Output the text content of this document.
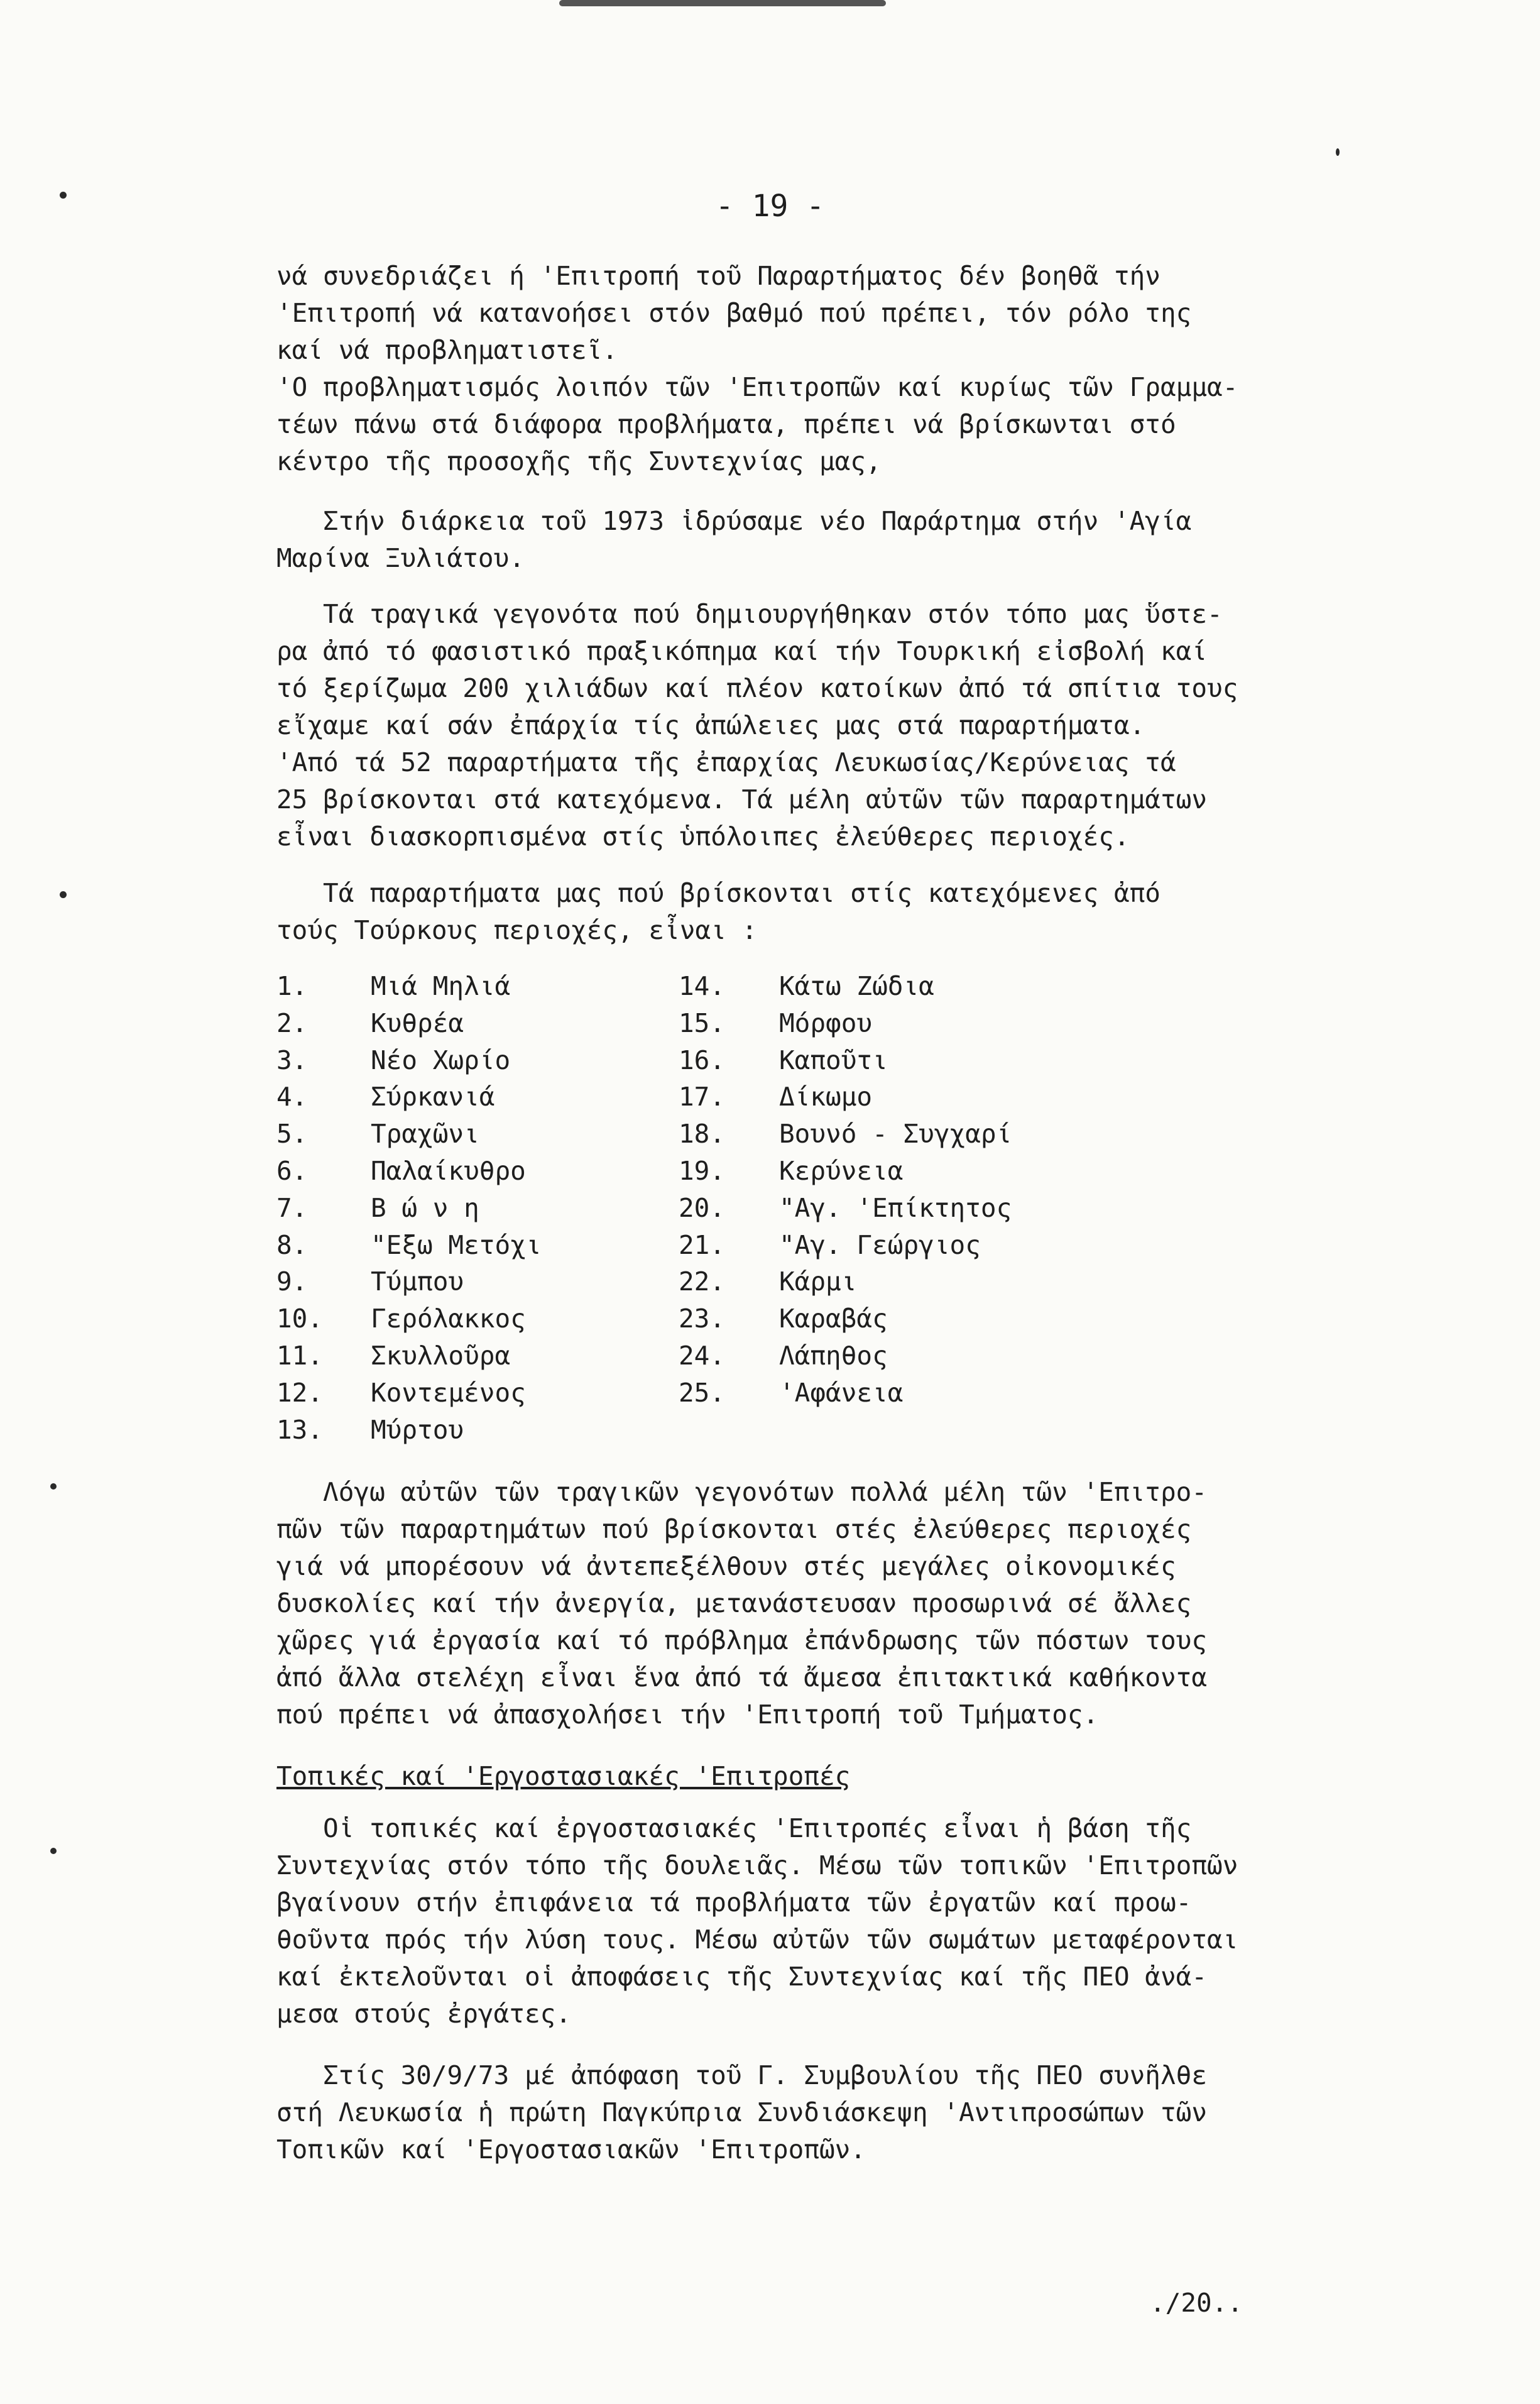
- 19 -
νά συνεδριάζει ή 'Επιτροπή τοῦ Παραρτήματος δέν βοηθᾶ τήν
'Επιτροπή νά καταvοήσει στόν βαθμό πού πρέπει, τόν ρόλο της
καί νά προβληματιστεῖ.
'Ο προβληματισμός λοιπόν τῶν 'Επιτροπῶν καί κυρίως τῶν Γραμμα-
τέων πάνω στά διάφορα προβλήματα, πρέπει νά βρίσκωνται στό
κέντρο τῆς προσοχῆς τῆς Συντεχνίας μας,
Στήν διάρκεια τοῦ 1973 ἱδρύσαμε νέο Παράρτημα στήν 'Αγία
Μαρίνα Ξυλιάτου.
Τά τραγικά γεγονότα πού δημιουργήθηκαν στόν τόπο μας ὕστε-
ρα ἀπό τό φασιστικό πραξικόπημα καί τήν Τουρκική εἰσβολή καί
τό ξερίζωμα 200 χιλιάδων καί πλέον κατοίκων ἀπό τά σπίτια τους
εἴχαμε καί σάν ἐπάρχία τίς ἀπώλειες μας στά παραρτήματα.
'Από τά 52 παραρτήματα τῆς ἐπαρχίας Λευκωσίας/Κερύνειας τά
25 βρίσκονται στά κατεχόμενα. Τά μέλη αὐτῶν τῶν παραρτημάτων
εἶναι διασκορπισμένα στίς ὑπόλοιπες ἐλεύθερες περιοχές.
Τά παραρτήματα μας πού βρίσκονται στίς κατεχόμενες ἀπό
τούς Τούρκους περιοχές, εἶναι :
1. Μιά Μηλιά	14. Κάτω Ζώδια
2. Κυθρέα	15. Μόρφου
3. Νέο Χωρίο	16. Καποῦτι
4. Σύρκανιά	17. Δίκωμο
5. Τραχῶνι	18. Βουνό - Συγχαρί
6. Παλαίκυθρο	19. Κερύνεια
7. Β ώ ν η	20. "Αγ. 'Επίκτητος
8. "Εξω Μετόχι	21. "Αγ. Γεώργιος
9. Τύμπου	22. Κάρμι
10. Γερόλακκος	23. Καραβάς
11. Σκυλλοῦρα	24. Λάπηθος
12. Κοντεμένος	25. 'Αφάνεια
13. Μύρτου
Λόγω αὐτῶν τῶν τραγικῶν γεγονότων πολλά μέλη τῶν 'Επιτρο-
πῶν τῶν παραρτημάτων πού βρίσκονται στές ἐλεύθερες περιοχές
γιά νά μπορέσουν νά ἀντεπεξέλθουν στές μεγάλες οἰκονομικές
δυσκολίες καί τήν ἀνεργία, μετανάστευσαν προσωρινά σέ ἄλλες
χῶρες γιά ἐργασία καί τό πρόβλημα ἐπάνδρωσης τῶν πόστων τους
ἀπό ἄλλα στελέχη εἶναι ἕνα ἀπό τά ἄμεσα ἐπιτακτικά καθήκοντα
πού πρέπει νά ἀπασχολήσει τήν 'Επιτροπή τοῦ Τμήματος.
Τοπικές καί 'Εργοστασιακές 'Επιτροπές
Οἱ τοπικές καί ἐργοστασιακές 'Επιτροπές εἶναι ἡ βάση τῆς
Συντεχνίας στόν τόπο τῆς δουλειᾶς. Μέσω τῶν τοπικῶν 'Επιτροπῶν
βγαίνουν στήν ἐπιφάνεια τά προβλήματα τῶν ἐργατῶν καί προω-
θοῦντα πρός τήν λύση τους. Μέσω αὐτῶν τῶν σωμάτων μεταφέρονται
καί ἐκτελοῦνται οἱ ἀποφάσεις τῆς Συντεχνίας καί τῆς ΠΕΟ ἀνά-
μεσα στούς ἐργάτες.
Στίς 30/9/73 μέ ἀπόφαση τοῦ Γ. Συμβουλίου τῆς ΠΕΟ συνῆλθε
στή Λευκωσία ἡ πρώτη Παγκύπρια Συνδιάσκεψη 'Αντιπροσώπων τῶν
Τοπικῶν καί 'Εργοστασιακῶν 'Επιτροπῶν.
./20..
